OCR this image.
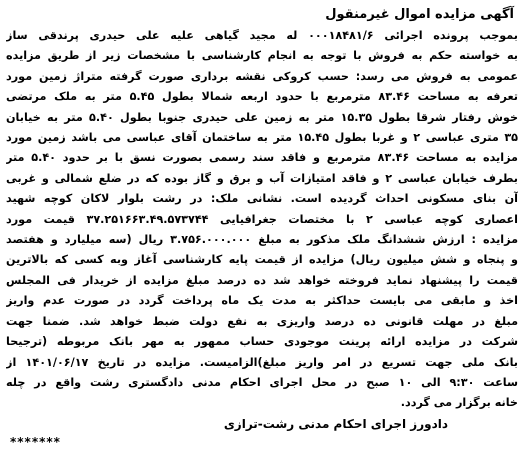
آگهی مزایده اموال غیرمنقول
بموجب پرونده اجرائی ۰۰۰۱۸۴۸۱/۶ له مجید گیاهی علیه علی حیدری پرندقی ساز
به خواسته حکم به فروش با توجه به انجام کارشناسی با مشخصات زیر از طریق مزایده
عمومی به فروش می رسد: حسب کروکی نقشه برداری صورت گرفته متراژ زمین مورد
تعرفه به مساحت ۸۳.۴۶ مترمربع با حدود اربعه شمالا بطول ۵.۴۵ متر به ملک مرتضی
خوش رفتار شرقا بطول ۱۵.۳۵ متر به زمین علی حیدری جنوبا بطول ۵.۴۰ متر به خیابان
۳۵ متری عباسی ۲ و غربا بطول ۱۵.۴۵ متر به ساختمان آقای عباسی می باشد زمین مورد
مزایده به مساحت ۸۳.۴۶ مترمربع و فاقد سند رسمی بصورت نسق با بر حدود ۵.۴۰ متر
بطرف خیابان عباسی ۲ و فاقد امتیازات آب و برق و گاز بوده که در ضلع شمالی و غربی
آن بنای مسکونی احداث گردیده است. نشانی ملک: در رشت بلوار لاکان کوچه شهید
اعصاری کوچه عباسی ۲ با مختصات جغرافیایی ۳۷.۲۵۱۶۶۳.۴۹.۵۷۳۷۴۴ قیمت مورد
مزایده : ارزش ششدانگ ملک مذکور به مبلغ ۳.۷۵۶.۰۰۰.۰۰۰ ریال (سه میلیارد و هفتصد
و پنجاه و شش میلیون ریال) مزایده از قیمت پایه کارشناسی آغاز وبه کسی که بالاترین
قیمت را پیشنهاد نماید فروخته خواهد شد ده درصد مبلغ مزایده از خریدار فی المجلس
اخذ و مابقی می بایست حداکثر به مدت یک ماه پرداخت گردد در صورت عدم واریز
مبلغ در مهلت قانونی ده درصد واریزی به نفع دولت ضبط خواهد شد. ضمنا جهت
شرکت در مزایده ارائه پرینت موجودی حساب ممهور به مهر بانک مربوطه (ترجیحا
بانک ملی جهت تسریع در امر واریز مبلغ)الزامیست. مزایده در تاریخ ۱۴۰۱/۰۶/۱۷ از
ساعت ۹:۳۰ الی ۱۰ صبح در محل اجرای احکام مدنی دادگستری رشت واقع در چله
خانه برگزار می گردد.
دادورز اجرای احکام مدنی رشت-ترازی
*******
